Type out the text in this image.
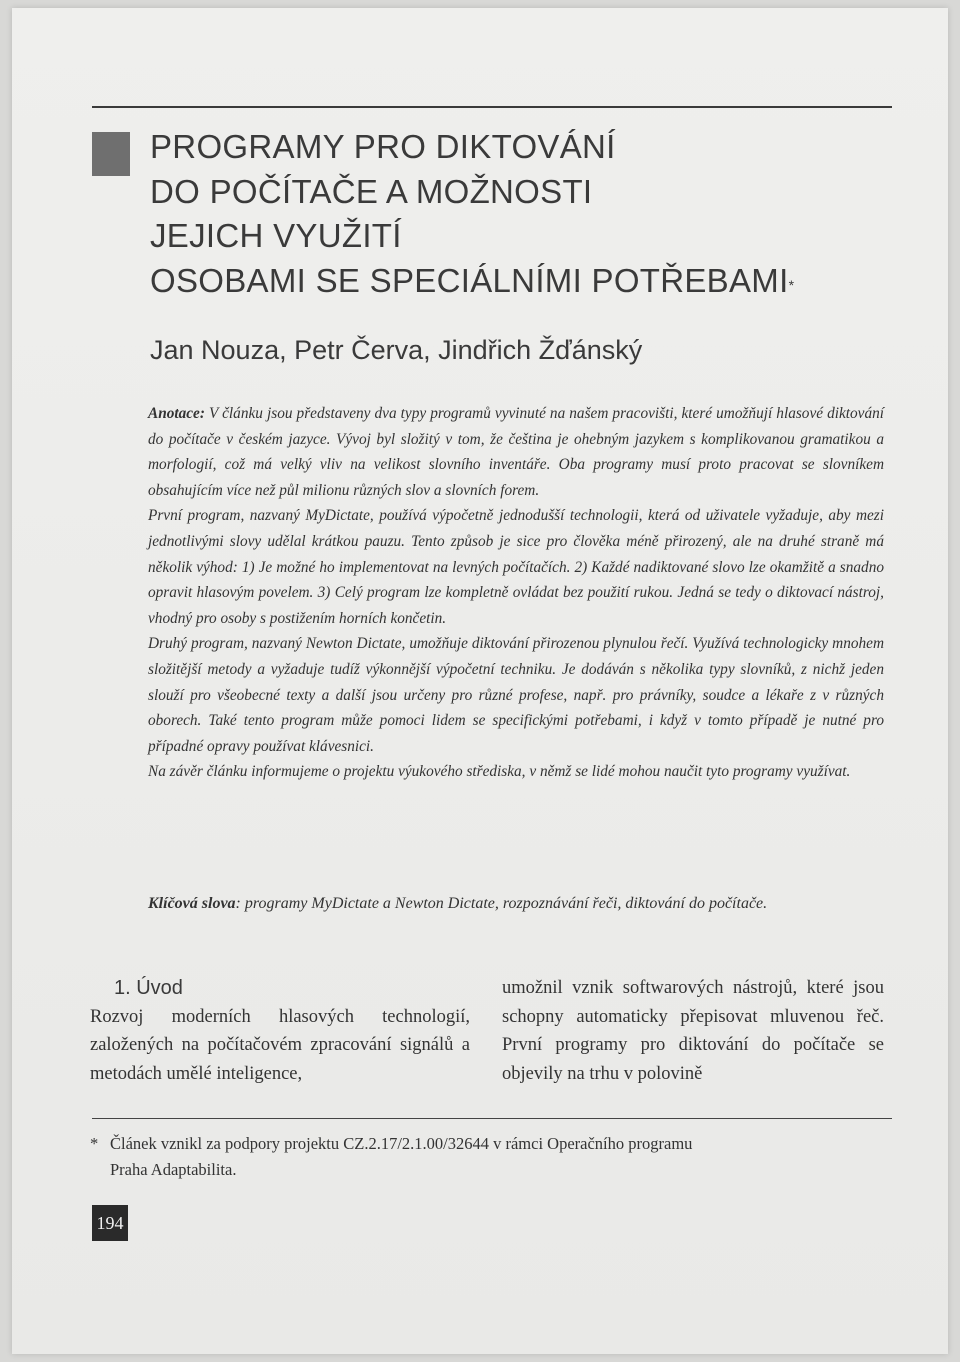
PROGRAMY PRO DIKTOVÁNÍ
DO POČÍTAČE A MOŽNOSTI
JEJICH VYUŽITÍ
OSOBAMI SE SPECIÁLNÍMI POTŘEBAMI*
Jan Nouza, Petr Červa, Jindřich Žďánský

Anotace: V článku jsou představeny dva typy programů vyvinuté na našem pracovišti, které umožňují hlasové diktování do počítače v českém jazyce. Vývoj byl složitý v tom, že čeština je ohebným jazykem s komplikovanou gramatikou a morfologií, což má velký vliv na velikost slovního inventáře. Oba programy musí proto pracovat se slovníkem obsahujícím více než půl milionu různých slov a slovních forem.

První program, nazvaný MyDictate, používá výpočetně jednodušší technologii, která od uživatele vyžaduje, aby mezi jednotlivými slovy udělal krátkou pauzu. Tento způsob je sice pro člověka méně přirozený, ale na druhé straně má několik výhod: 1) Je možné ho implementovat na levných počítačích. 2) Každé nadiktované slovo lze okamžitě a snadno opravit hlasovým povelem. 3) Celý program lze kompletně ovládat bez použití rukou. Jedná se tedy o diktovací nástroj, vhodný pro osoby s postižením horních končetin.

Druhý program, nazvaný Newton Dictate, umožňuje diktování přirozenou plynulou řečí. Využívá technologicky mnohem složitější metody a vyžaduje tudíž výkonnější výpočetní techniku. Je dodáván s několika typy slovníků, z nichž jeden slouží pro všeobecné texty a další jsou určeny pro různé profese, např. pro právníky, soudce a lékaře z v různých oborech. Také tento program může pomoci lidem se specifickými potřebami, i když v tomto případě je nutné pro případné opravy používat klávesnici.

Na závěr článku informujeme o projektu výukového střediska, v němž se lidé mohou naučit tyto programy využívat.

Klíčová slova: programy MyDictate a Newton Dictate, rozpoznávání řeči, diktování do počítače.

1. Úvod

Rozvoj moderních hlasových technologií, založených na počítačovém zpracování signálů a metodách umělé inteligence,

umožnil vznik softwarových nástrojů, které jsou schopny automaticky přepisovat mluvenou řeč. První programy pro diktování do počítače se objevily na trhu v polovině

* Článek vznikl za podpory projektu CZ.2.17/2.1.00/32644 v rámci Operačního programu
Praha Adaptabilita.
194
